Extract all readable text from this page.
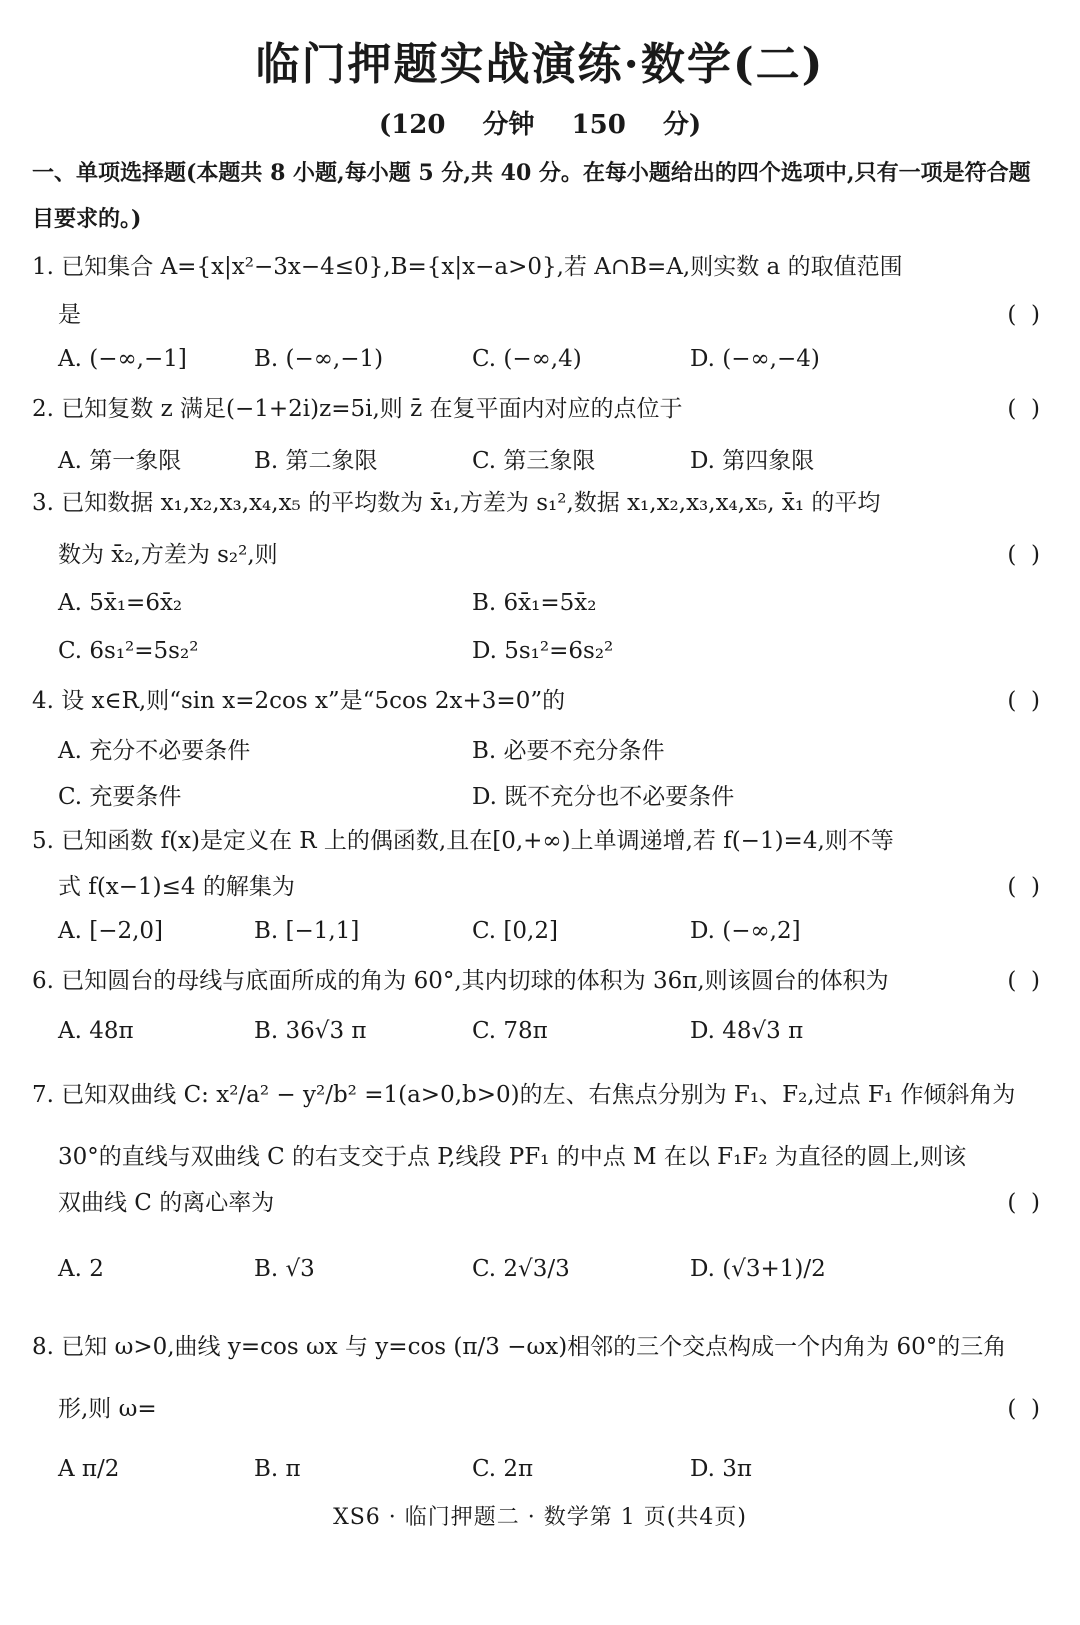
临门押题实战演练·数学(二)
(120 分钟 150 分)
一、单项选择题(本题共 8 小题,每小题 5 分,共 40 分。在每小题给出的四个选项中,只有一项是符合题目要求的。)
1. 已知集合 A={x|x²−3x−4≤0},B={x|x−a>0},若 A∩B=A,则实数 a 的取值范围
是	(  )
A. (−∞,−1]	B. (−∞,−1)	C. (−∞,4)	D. (−∞,−4)
2. 已知复数 z 满足(−1+2i)z=5i,则 z̄ 在复平面内对应的点位于	(  )
A. 第一象限	B. 第二象限	C. 第三象限	D. 第四象限
3. 已知数据 x₁,x₂,x₃,x₄,x₅ 的平均数为 x̄₁,方差为 s₁²,数据 x₁,x₂,x₃,x₄,x₅, x̄₁ 的平均
数为 x̄₂,方差为 s₂²,则	(  )
A. 5x̄₁=6x̄₂	B. 6x̄₁=5x̄₂
C. 6s₁²=5s₂²	D. 5s₁²=6s₂²
4. 设 x∈R,则“sin x=2cos x”是“5cos 2x+3=0”的	(  )
A. 充分不必要条件	B. 必要不充分条件
C. 充要条件	D. 既不充分也不必要条件
5. 已知函数 f(x)是定义在 R 上的偶函数,且在[0,+∞)上单调递增,若 f(−1)=4,则不等
式 f(x−1)≤4 的解集为	(  )
A. [−2,0]	B. [−1,1]	C. [0,2]	D. (−∞,2]
6. 已知圆台的母线与底面所成的角为 60°,其内切球的体积为 36π,则该圆台的体积为	(  )
A. 48π	B. 36√3 π	C. 78π	D. 48√3 π
7. 已知双曲线 C: x²/a² − y²/b² =1(a>0,b>0)的左、右焦点分别为 F₁、F₂,过点 F₁ 作倾斜角为
30°的直线与双曲线 C 的右支交于点 P,线段 PF₁ 的中点 M 在以 F₁F₂ 为直径的圆上,则该
双曲线 C 的离心率为	(  )
A. 2	B. √3	C. 2√3/3	D. (√3+1)/2
8. 已知 ω>0,曲线 y=cos ωx 与 y=cos (π/3 −ωx)相邻的三个交点构成一个内角为 60°的三角
形,则 ω=	(  )
A π/2	B. π	C. 2π	D. 3π
XS6 · 临门押题二 · 数学第 1 页(共4页)
